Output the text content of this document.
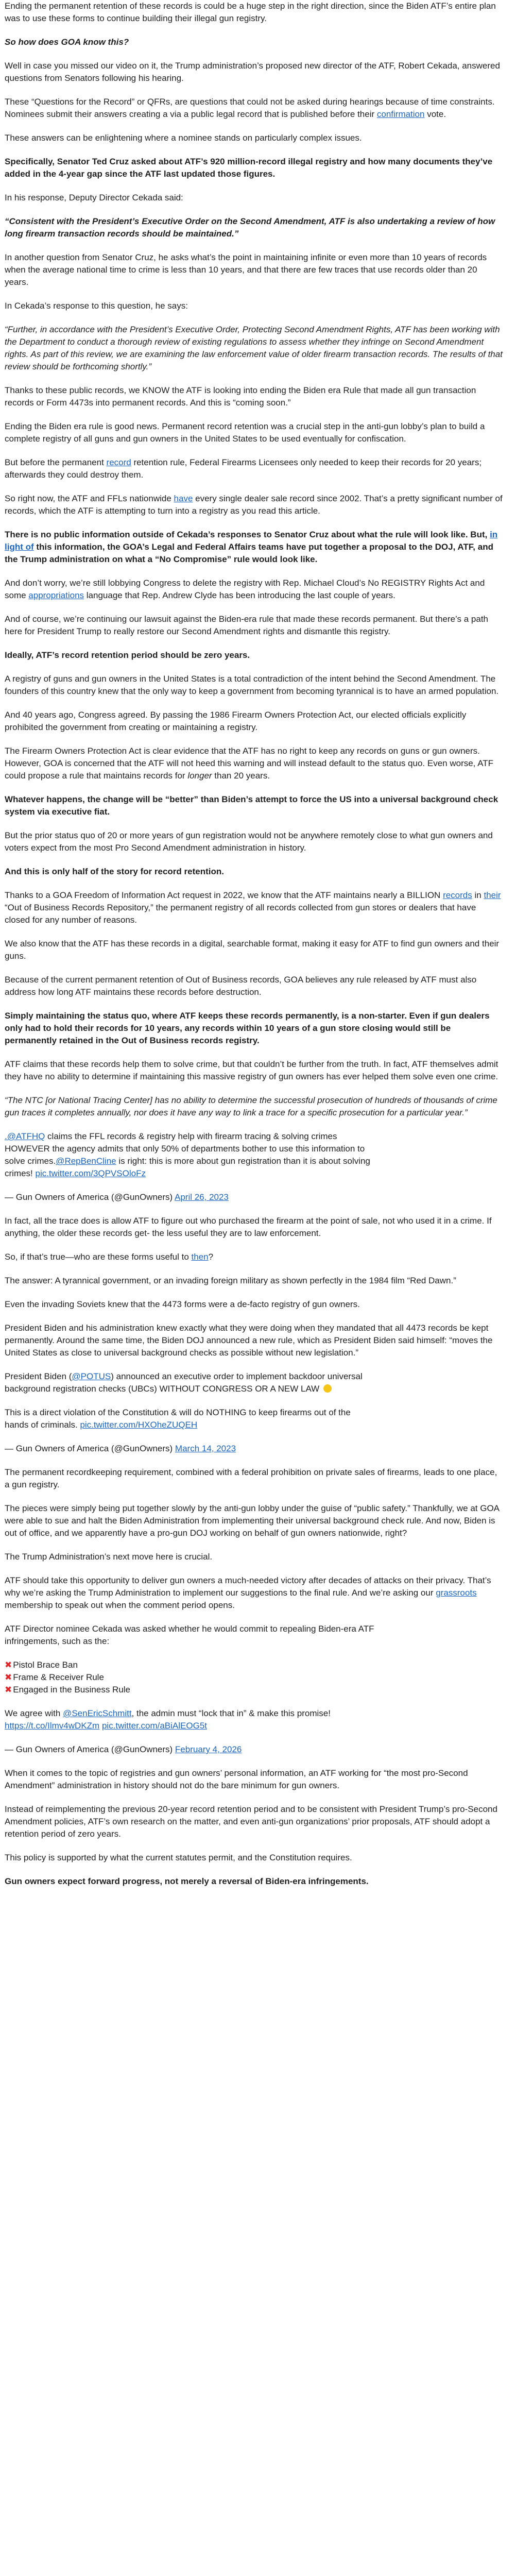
Ending the permanent retention of these records is could be a huge step in the right direction, since the Biden ATF’s entire plan was to use these forms to continue building their illegal gun registry.

So how does GOA know this?

Well in case you missed our video on it, the Trump administration’s proposed new director of the ATF, Robert Cekada, answered questions from Senators following his hearing.

These “Questions for the Record” or QFRs, are questions that could not be asked during hearings because of time constraints. Nominees submit their answers creating a via a public legal record that is published before their confirmation vote.

These answers can be enlightening where a nominee stands on particularly complex issues.

Specifically, Senator Ted Cruz asked about ATF’s 920 million-record illegal registry and how many documents they’ve added in the 4-year gap since the ATF last updated those figures.

In his response, Deputy Director Cekada said:

“Consistent with the President’s Executive Order on the Second Amendment, ATF is also undertaking a review of how long firearm transaction records should be maintained.”

In another question from Senator Cruz, he asks what’s the point in maintaining infinite or even more than 10 years of records when the average national time to crime is less than 10 years, and that there are few traces that use records older than 20 years.

In Cekada’s response to this question, he says:

“Further, in accordance with the President’s Executive Order, Protecting Second Amendment Rights, ATF has been working with the Department to conduct a thorough review of existing regulations to assess whether they infringe on Second Amendment rights. As part of this review, we are examining the law enforcement value of older firearm transaction records. The results of that review should be forthcoming shortly.”

Thanks to these public records, we KNOW the ATF is looking into ending the Biden era Rule that made all gun transaction records or Form 4473s into permanent records. And this is “coming soon.”

Ending the Biden era rule is good news. Permanent record retention was a crucial step in the anti-gun lobby’s plan to build a complete registry of all guns and gun owners in the United States to be used eventually for confiscation.

But before the permanent record retention rule, Federal Firearms Licensees only needed to keep their records for 20 years; afterwards they could destroy them.

So right now, the ATF and FFLs nationwide have every single dealer sale record since 2002. That’s a pretty significant number of records, which the ATF is attempting to turn into a registry as you read this article.

There is no public information outside of Cekada’s responses to Senator Cruz about what the rule will look like. But, in light of this information, the GOA’s Legal and Federal Affairs teams have put together a proposal to the DOJ, ATF, and the Trump administration on what a “No Compromise” rule would look like.

And don’t worry, we’re still lobbying Congress to delete the registry with Rep. Michael Cloud’s No REGISTRY Rights Act and some appropriations language that Rep. Andrew Clyde has been introducing the last couple of years.

And of course, we’re continuing our lawsuit against the Biden-era rule that made these records permanent. But there’s a path here for President Trump to really restore our Second Amendment rights and dismantle this registry.

Ideally, ATF’s record retention period should be zero years.

A registry of guns and gun owners in the United States is a total contradiction of the intent behind the Second Amendment. The founders of this country knew that the only way to keep a government from becoming tyrannical is to have an armed population.

And 40 years ago, Congress agreed. By passing the 1986 Firearm Owners Protection Act, our elected officials explicitly prohibited the government from creating or maintaining a registry.

The Firearm Owners Protection Act is clear evidence that the ATF has no right to keep any records on guns or gun owners. However, GOA is concerned that the ATF will not heed this warning and will instead default to the status quo. Even worse, ATF could propose a rule that maintains records for longer than 20 years.

Whatever happens, the change will be “better” than Biden’s attempt to force the US into a universal background check system via executive fiat.

But the prior status quo of 20 or more years of gun registration would not be anywhere remotely close to what gun owners and voters expect from the most Pro Second Amendment administration in history.

And this is only half of the story for record retention.

Thanks to a GOA Freedom of Information Act request in 2022, we know that the ATF maintains nearly a BILLION records in their “Out of Business Records Repository,” the permanent registry of all records collected from gun stores or dealers that have closed for any number of reasons.

We also know that the ATF has these records in a digital, searchable format, making it easy for ATF to find gun owners and their guns.

Because of the current permanent retention of Out of Business records, GOA believes any rule released by ATF must also address how long ATF maintains these records before destruction.

Simply maintaining the status quo, where ATF keeps these records permanently, is a non-starter. Even if gun dealers only had to hold their records for 10 years, any records within 10 years of a gun store closing would still be permanently retained in the Out of Business records registry.

ATF claims that these records help them to solve crime, but that couldn’t be further from the truth. In fact, ATF themselves admit they have no ability to determine if maintaining this massive registry of gun owners has ever helped them solve even one crime.

“The NTC [or National Tracing Center] has no ability to determine the successful prosecution of hundreds of thousands of crime gun traces it completes annually, nor does it have any way to link a trace for a specific prosecution for a particular year.”

.@ATFHQ claims the FFL records & registry help with firearm tracing & solving crimes HOWEVER the agency admits that only 50% of departments bother to use this information to solve crimes.@RepBenCline is right: this is more about gun registration than it is about solving crimes! pic.twitter.com/3QPVSOloFz

— Gun Owners of America (@GunOwners) April 26, 2023

In fact, all the trace does is allow ATF to figure out who purchased the firearm at the point of sale, not who used it in a crime. If anything, the older these records get- the less useful they are to law enforcement.

So, if that’s true—who are these forms useful to then?

The answer: A tyrannical government, or an invading foreign military as shown perfectly in the 1984 film “Red Dawn.”

Even the invading Soviets knew that the 4473 forms were a de-facto registry of gun owners.

President Biden and his administration knew exactly what they were doing when they mandated that all 4473 records be kept permanently. Around the same time, the Biden DOJ announced a new rule, which as President Biden said himself: “moves the United States as close to universal background checks as possible without new legislation.”

President Biden (@POTUS) announced an executive order to implement backdoor universal background registration checks (UBCs) WITHOUT CONGRESS OR A NEW LAW

This is a direct violation of the Constitution & will do NOTHING to keep firearms out of the hands of criminals. pic.twitter.com/HXOheZUQEH

— Gun Owners of America (@GunOwners) March 14, 2023

The permanent recordkeeping requirement, combined with a federal prohibition on private sales of firearms, leads to one place, a gun registry.

The pieces were simply being put together slowly by the anti-gun lobby under the guise of “public safety.” Thankfully, we at GOA were able to sue and halt the Biden Administration from implementing their universal background check rule. And now, Biden is out of office, and we apparently have a pro-gun DOJ working on behalf of gun owners nationwide, right?

The Trump Administration’s next move here is crucial.

ATF should take this opportunity to deliver gun owners a much-needed victory after decades of attacks on their privacy. That’s why we’re asking the Trump Administration to implement our suggestions to the final rule. And we’re asking our grassroots membership to speak out when the comment period opens.

ATF Director nominee Cekada was asked whether he would commit to repealing Biden-era ATF infringements, such as the:

✖ Pistol Brace Ban
✖ Frame & Receiver Rule
✖ Engaged in the Business Rule

We agree with @SenEricSchmitt, the admin must “lock that in” & make this promise! https://t.co/Ilmv4wDKZm pic.twitter.com/aBiAlEOG5t

— Gun Owners of America (@GunOwners) February 4, 2026

When it comes to the topic of registries and gun owners’ personal information, an ATF working for “the most pro-Second Amendment” administration in history should not do the bare minimum for gun owners.

Instead of reimplementing the previous 20-year record retention period and to be consistent with President Trump’s pro-Second Amendment policies, ATF’s own research on the matter, and even anti-gun organizations’ prior proposals, ATF should adopt a retention period of zero years.

This policy is supported by what the current statutes permit, and the Constitution requires.

Gun owners expect forward progress, not merely a reversal of Biden-era infringements.
